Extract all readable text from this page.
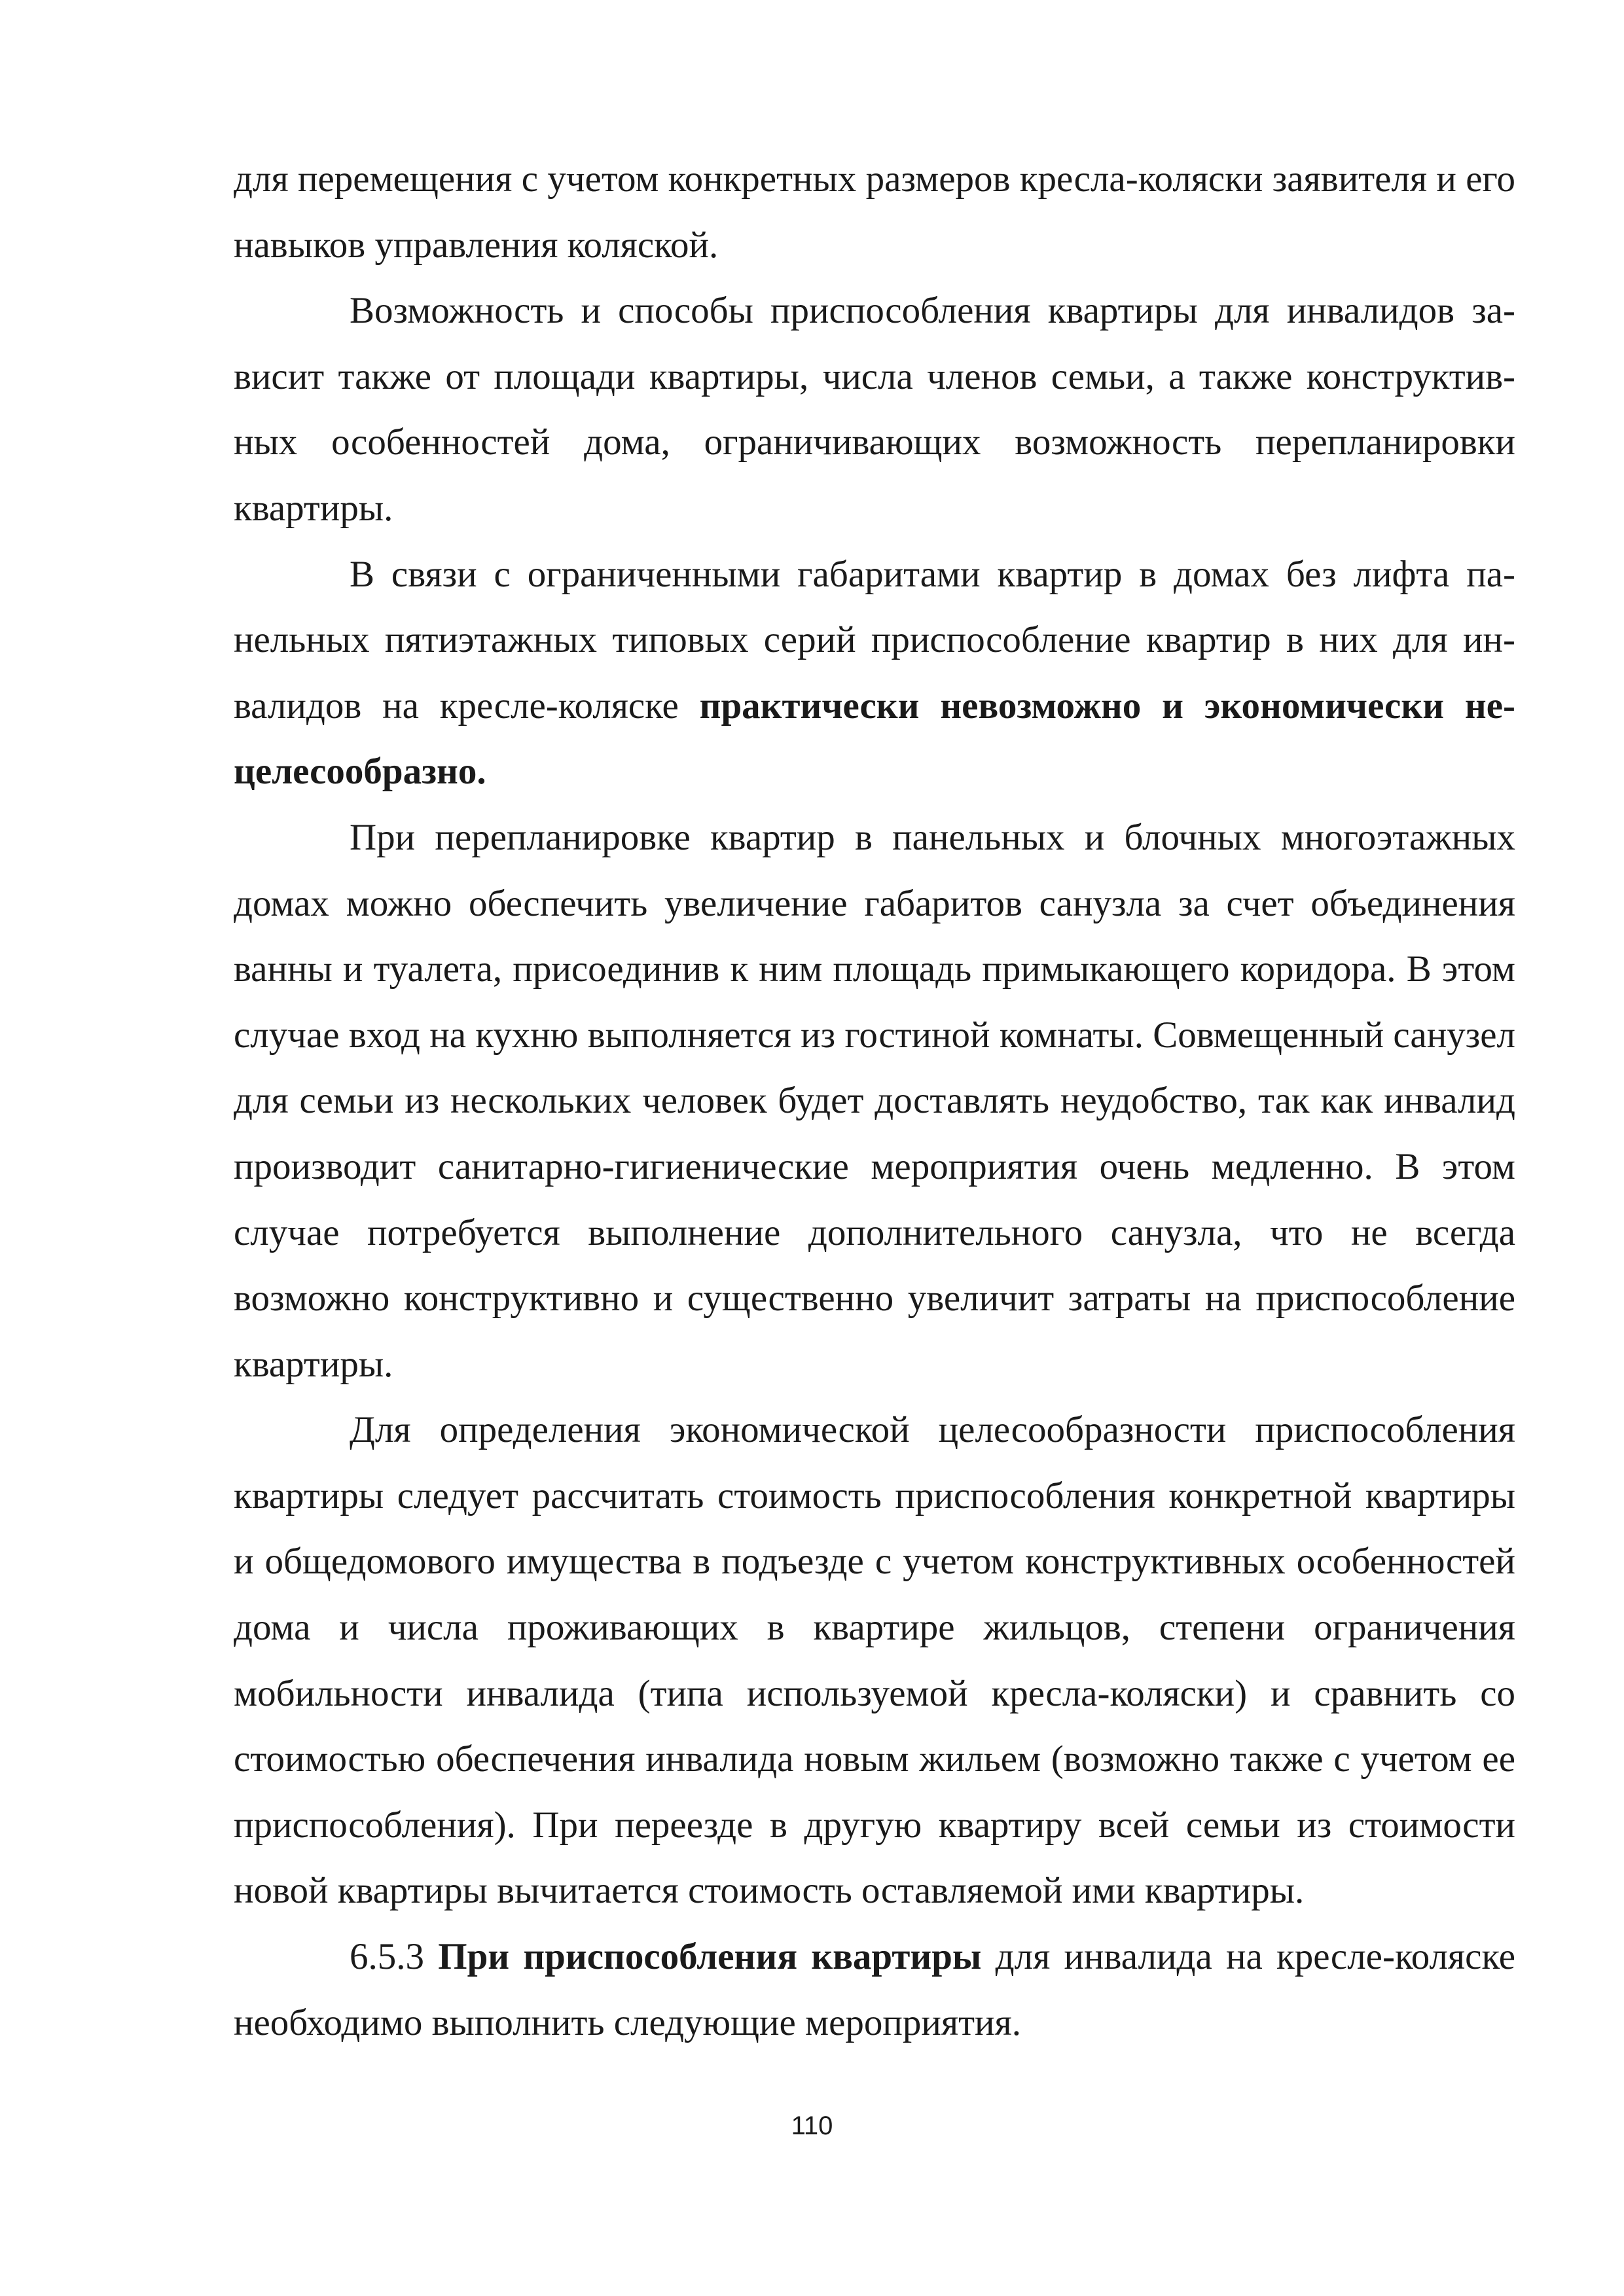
для перемещения с учетом конкретных размеров кресла-коляски заявителя и его навыков управления коляской.

Возможность и способы приспособления квартиры для инвалидов зависит также от площади квартиры, числа членов семьи, а также конструктивных особенностей дома, ограничивающих возможность перепланировки квартиры.

В связи с ограниченными габаритами квартир в домах без лифта панельных пятиэтажных типовых серий приспособление квартир в них для инвалидов на кресле-коляске практически невозможно и экономически нецелесообразно.

При перепланировке квартир в панельных и блочных многоэтажных домах можно обеспечить увеличение габаритов санузла за счет объединения ванны и туалета, присоединив к ним площадь примыкающего коридора. В этом случае вход на кухню выполняется из гостиной комнаты. Совмещенный санузел для семьи из нескольких человек будет доставлять неудобство, так как инвалид производит санитарно-гигиенические мероприятия очень медленно. В этом случае потребуется выполнение дополнительного санузла, что не всегда возможно конструктивно и существенно увеличит затраты на приспособление квартиры.

Для определения экономической целесообразности приспособления квартиры следует рассчитать стоимость приспособления конкретной квартиры и общедомового имущества в подъезде с учетом конструктивных особенностей дома и числа проживающих в квартире жильцов, степени ограничения мобильности инвалида (типа используемой кресла-коляски) и сравнить со стоимостью обеспечения инвалида новым жильем (возможно также с учетом ее приспособления). При переезде в другую квартиру всей семьи из стоимости новой квартиры вычитается стоимость оставляемой ими квартиры.

6.5.3 При приспособления квартиры для инвалида на кресле-коляске необходимо выполнить следующие мероприятия.

110
